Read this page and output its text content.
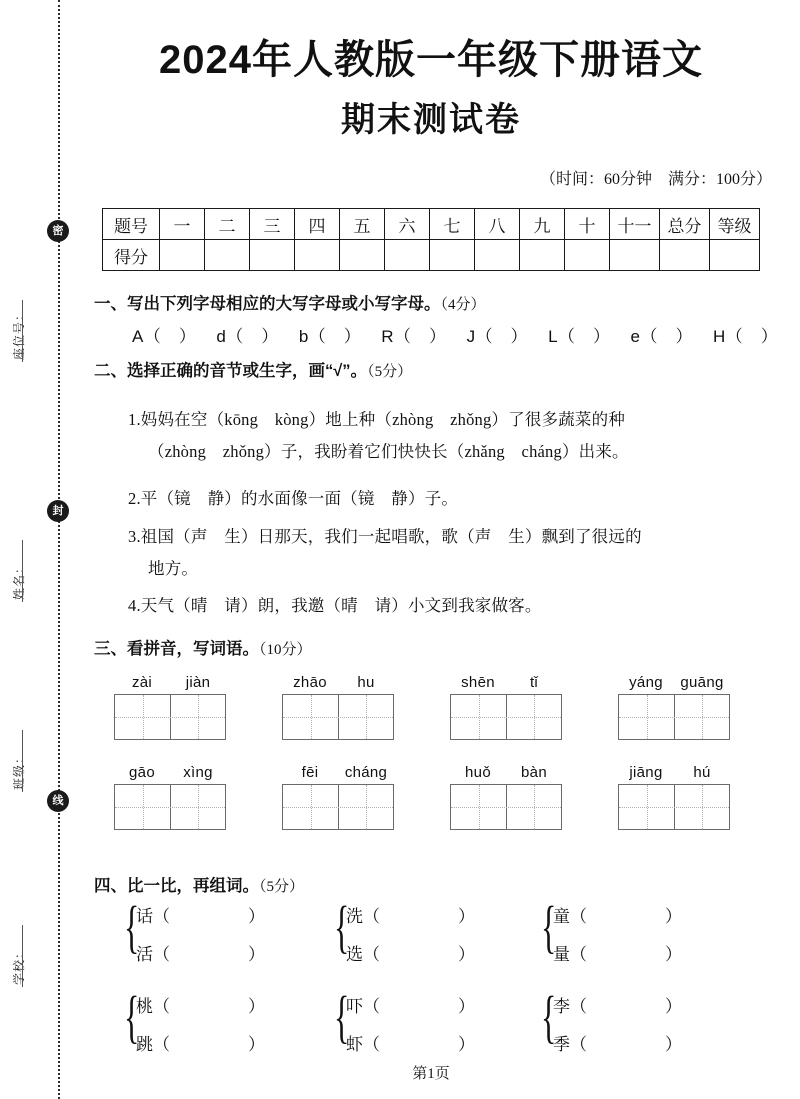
密
封
线
座位号：
姓名：
班级：
学校：
2024年人教版一年级下册语文
期末测试卷
（时间：60分钟　满分：100分）
题号	一	二	三	四	五	六	七	八	九	十	十一	总分	等级
得分													
一、写出下列字母相应的大写字母或小写字母。（4分）
A（　） d（　） b（　） R（　） J（　） L（　） e（　） H（　）
二、选择正确的音节或生字，画“√”。（5分）
1.妈妈在空（kōng　kòng）地上种（zhòng　zhǒng）了很多蔬菜的种
（zhòng　zhǒng）子，我盼着它们快快长（zhǎng　cháng）出来。
2.平（镜　静）的水面像一面（镜　静）子。
3.祖国（声　生）日那天，我们一起唱歌，歌（声　生）飘到了很远的
地方。
4.天气（晴　请）朗，我邀（晴　请）小文到我家做客。
三、看拼音，写词语。（10分）
zài jiàn	zhāo hu	shēn tǐ	yáng guāng
gāo xìng	fēi cháng	huǒ bàn	jiāng hú
四、比一比，再组词。（5分）
{
话（	）
活（	） {
洗（	）
选（	） {
童（	）
量（	）
{
桃（	）
跳（	） {
吓（	）
虾（	） {
李（	）
季（	）
第1页
